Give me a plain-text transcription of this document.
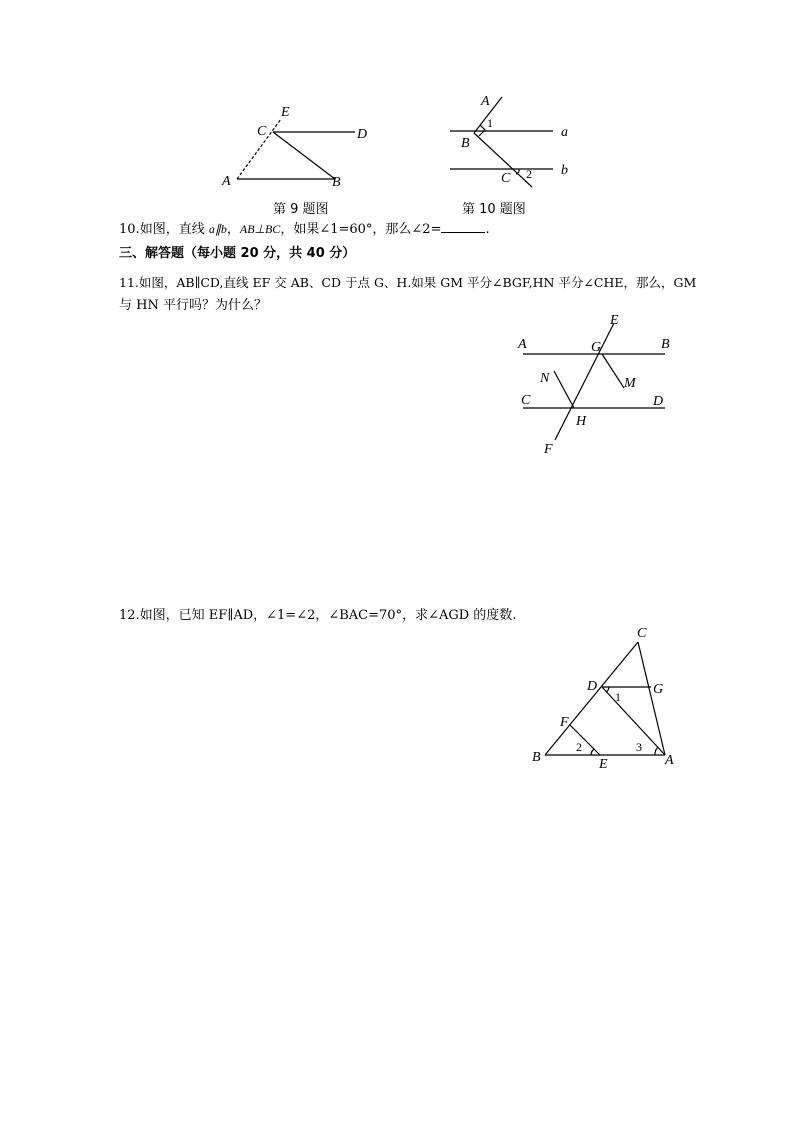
E
C	D
A	B
第 9 题图
A
1
B
a
C 2 b
第 10 题图
10.如图，直线 a∥b，AB⊥BC，如果∠1=60°，那么∠2=	.
三、解答题（每小题 20 分，共 40 分）
11.如图，AB∥CD,直线 EF 交 AB、CD 于点 G、H.如果 GM 平分∠BGF,HN 平分∠CHE，那么，GM
与 HN 平行吗？为什么？
E
A	G	B
N	M
C	D
H
F
12.如图，已知 EF∥AD，∠1=∠2，∠BAC=70°，求∠AGD 的度数.
C
D
1 G
F
2	3
B	E	A
